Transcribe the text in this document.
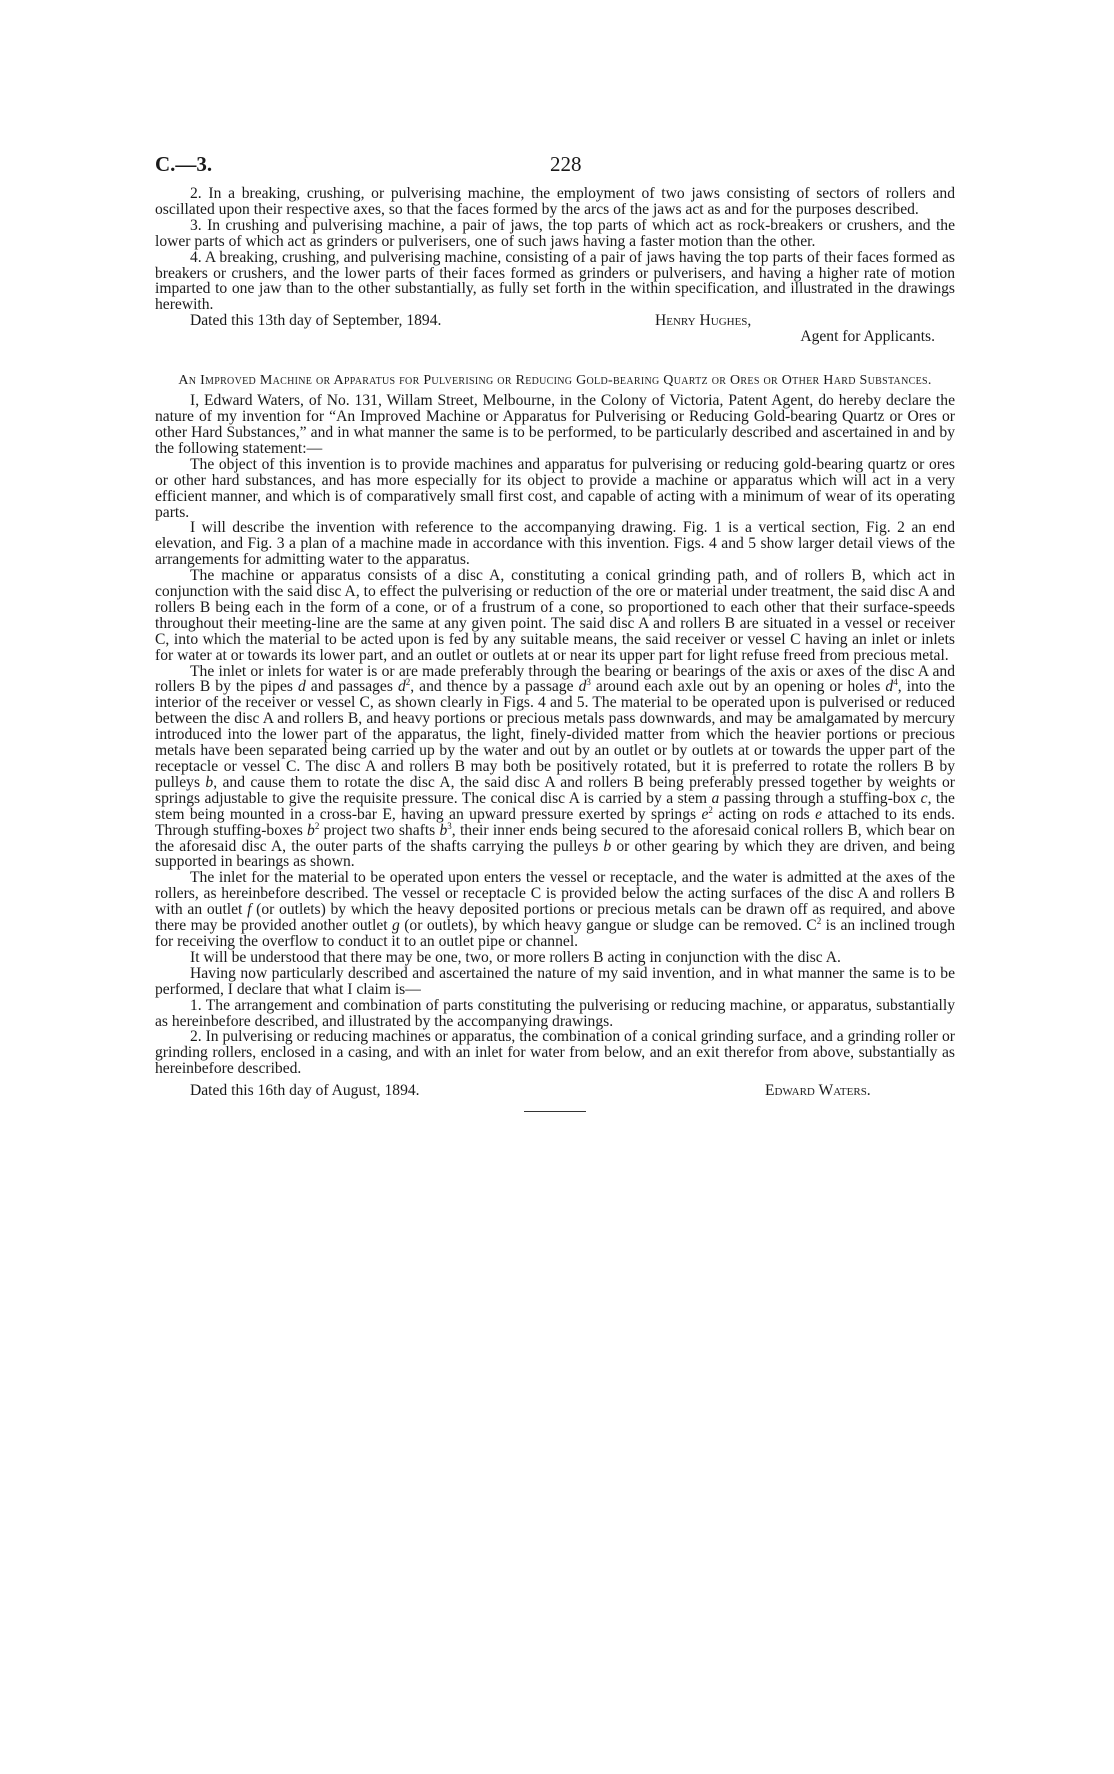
C.—3.	228

2. In a breaking, crushing, or pulverising machine, the employment of two jaws consisting of sectors of rollers and oscillated upon their respective axes, so that the faces formed by the arcs of the jaws act as and for the purposes described.

3. In crushing and pulverising machine, a pair of jaws, the top parts of which act as rock-breakers or crushers, and the lower parts of which act as grinders or pulverisers, one of such jaws having a faster motion than the other.

4. A breaking, crushing, and pulverising machine, consisting of a pair of jaws having the top parts of their faces formed as breakers or crushers, and the lower parts of their faces formed as grinders or pulverisers, and having a higher rate of motion imparted to one jaw than to the other substantially, as fully set forth in the within specification, and illustrated in the drawings herewith.

Dated this 13th day of September, 1894.	Henry Hughes,

Agent for Applicants.

An Improved Machine or Apparatus for Pulverising or Reducing Gold-bearing Quartz or Ores or Other Hard Substances.

I, Edward Waters, of No. 131, Willam Street, Melbourne, in the Colony of Victoria, Patent Agent, do hereby declare the nature of my invention for “An Improved Machine or Apparatus for Pulverising or Reducing Gold-bearing Quartz or Ores or other Hard Substances,” and in what manner the same is to be performed, to be particularly described and ascertained in and by the following statement:—

The object of this invention is to provide machines and apparatus for pulverising or reducing gold-bearing quartz or ores or other hard substances, and has more especially for its object to provide a machine or apparatus which will act in a very efficient manner, and which is of comparatively small first cost, and capable of acting with a minimum of wear of its operating parts.

I will describe the invention with reference to the accompanying drawing. Fig. 1 is a vertical section, Fig. 2 an end elevation, and Fig. 3 a plan of a machine made in accordance with this invention. Figs. 4 and 5 show larger detail views of the arrangements for admitting water to the apparatus.

The machine or apparatus consists of a disc A, constituting a conical grinding path, and of rollers B, which act in conjunction with the said disc A, to effect the pulverising or reduction of the ore or material under treatment, the said disc A and rollers B being each in the form of a cone, or of a frustrum of a cone, so proportioned to each other that their surface-speeds throughout their meeting-line are the same at any given point. The said disc A and rollers B are situated in a vessel or receiver C, into which the material to be acted upon is fed by any suitable means, the said receiver or vessel C having an inlet or inlets for water at or towards its lower part, and an outlet or outlets at or near its upper part for light refuse freed from precious metal.

The inlet or inlets for water is or are made preferably through the bearing or bearings of the axis or axes of the disc A and rollers B by the pipes d and passages $d^2$, and thence by a passage $d^3$ around each axle out by an opening or holes $d^4$, into the interior of the receiver or vessel C, as shown clearly in Figs. 4 and 5. The material to be operated upon is pulverised or reduced between the disc A and rollers B, and heavy portions or precious metals pass downwards, and may be amalgamated by mercury introduced into the lower part of the apparatus, the light, finely-divided matter from which the heavier portions or precious metals have been separated being carried up by the water and out by an outlet or by outlets at or towards the upper part of the receptacle or vessel C. The disc A and rollers B may both be positively rotated, but it is preferred to rotate the rollers B by pulleys b, and cause them to rotate the disc A, the said disc A and rollers B being preferably pressed together by weights or springs adjustable to give the requisite pressure. The conical disc A is carried by a stem a passing through a stuffing-box c, the stem being mounted in a cross-bar E, having an upward pressure exerted by springs $e^2$ acting on rods e attached to its ends. Through stuffing-boxes $b^2$ project two shafts $b^3$, their inner ends being secured to the aforesaid conical rollers B, which bear on the aforesaid disc A, the outer parts of the shafts carrying the pulleys b or other gearing by which they are driven, and being supported in bearings as shown.

The inlet for the material to be operated upon enters the vessel or receptacle, and the water is admitted at the axes of the rollers, as hereinbefore described. The vessel or receptacle C is provided below the acting surfaces of the disc A and rollers B with an outlet f (or outlets) by which the heavy deposited portions or precious metals can be drawn off as required, and above there may be provided another outlet g (or outlets), by which heavy gangue or sludge can be removed. $C^2$ is an inclined trough for receiving the overflow to conduct it to an outlet pipe or channel.

It will be understood that there may be one, two, or more rollers B acting in conjunction with the disc A.

Having now particularly described and ascertained the nature of my said invention, and in what manner the same is to be performed, I declare that what I claim is—

1. The arrangement and combination of parts constituting the pulverising or reducing machine, or apparatus, substantially as hereinbefore described, and illustrated by the accompanying drawings.

2. In pulverising or reducing machines or apparatus, the combination of a conical grinding surface, and a grinding roller or grinding rollers, enclosed in a casing, and with an inlet for water from below, and an exit therefor from above, substantially as hereinbefore described.

Dated this 16th day of August, 1894.	Edward Waters.
